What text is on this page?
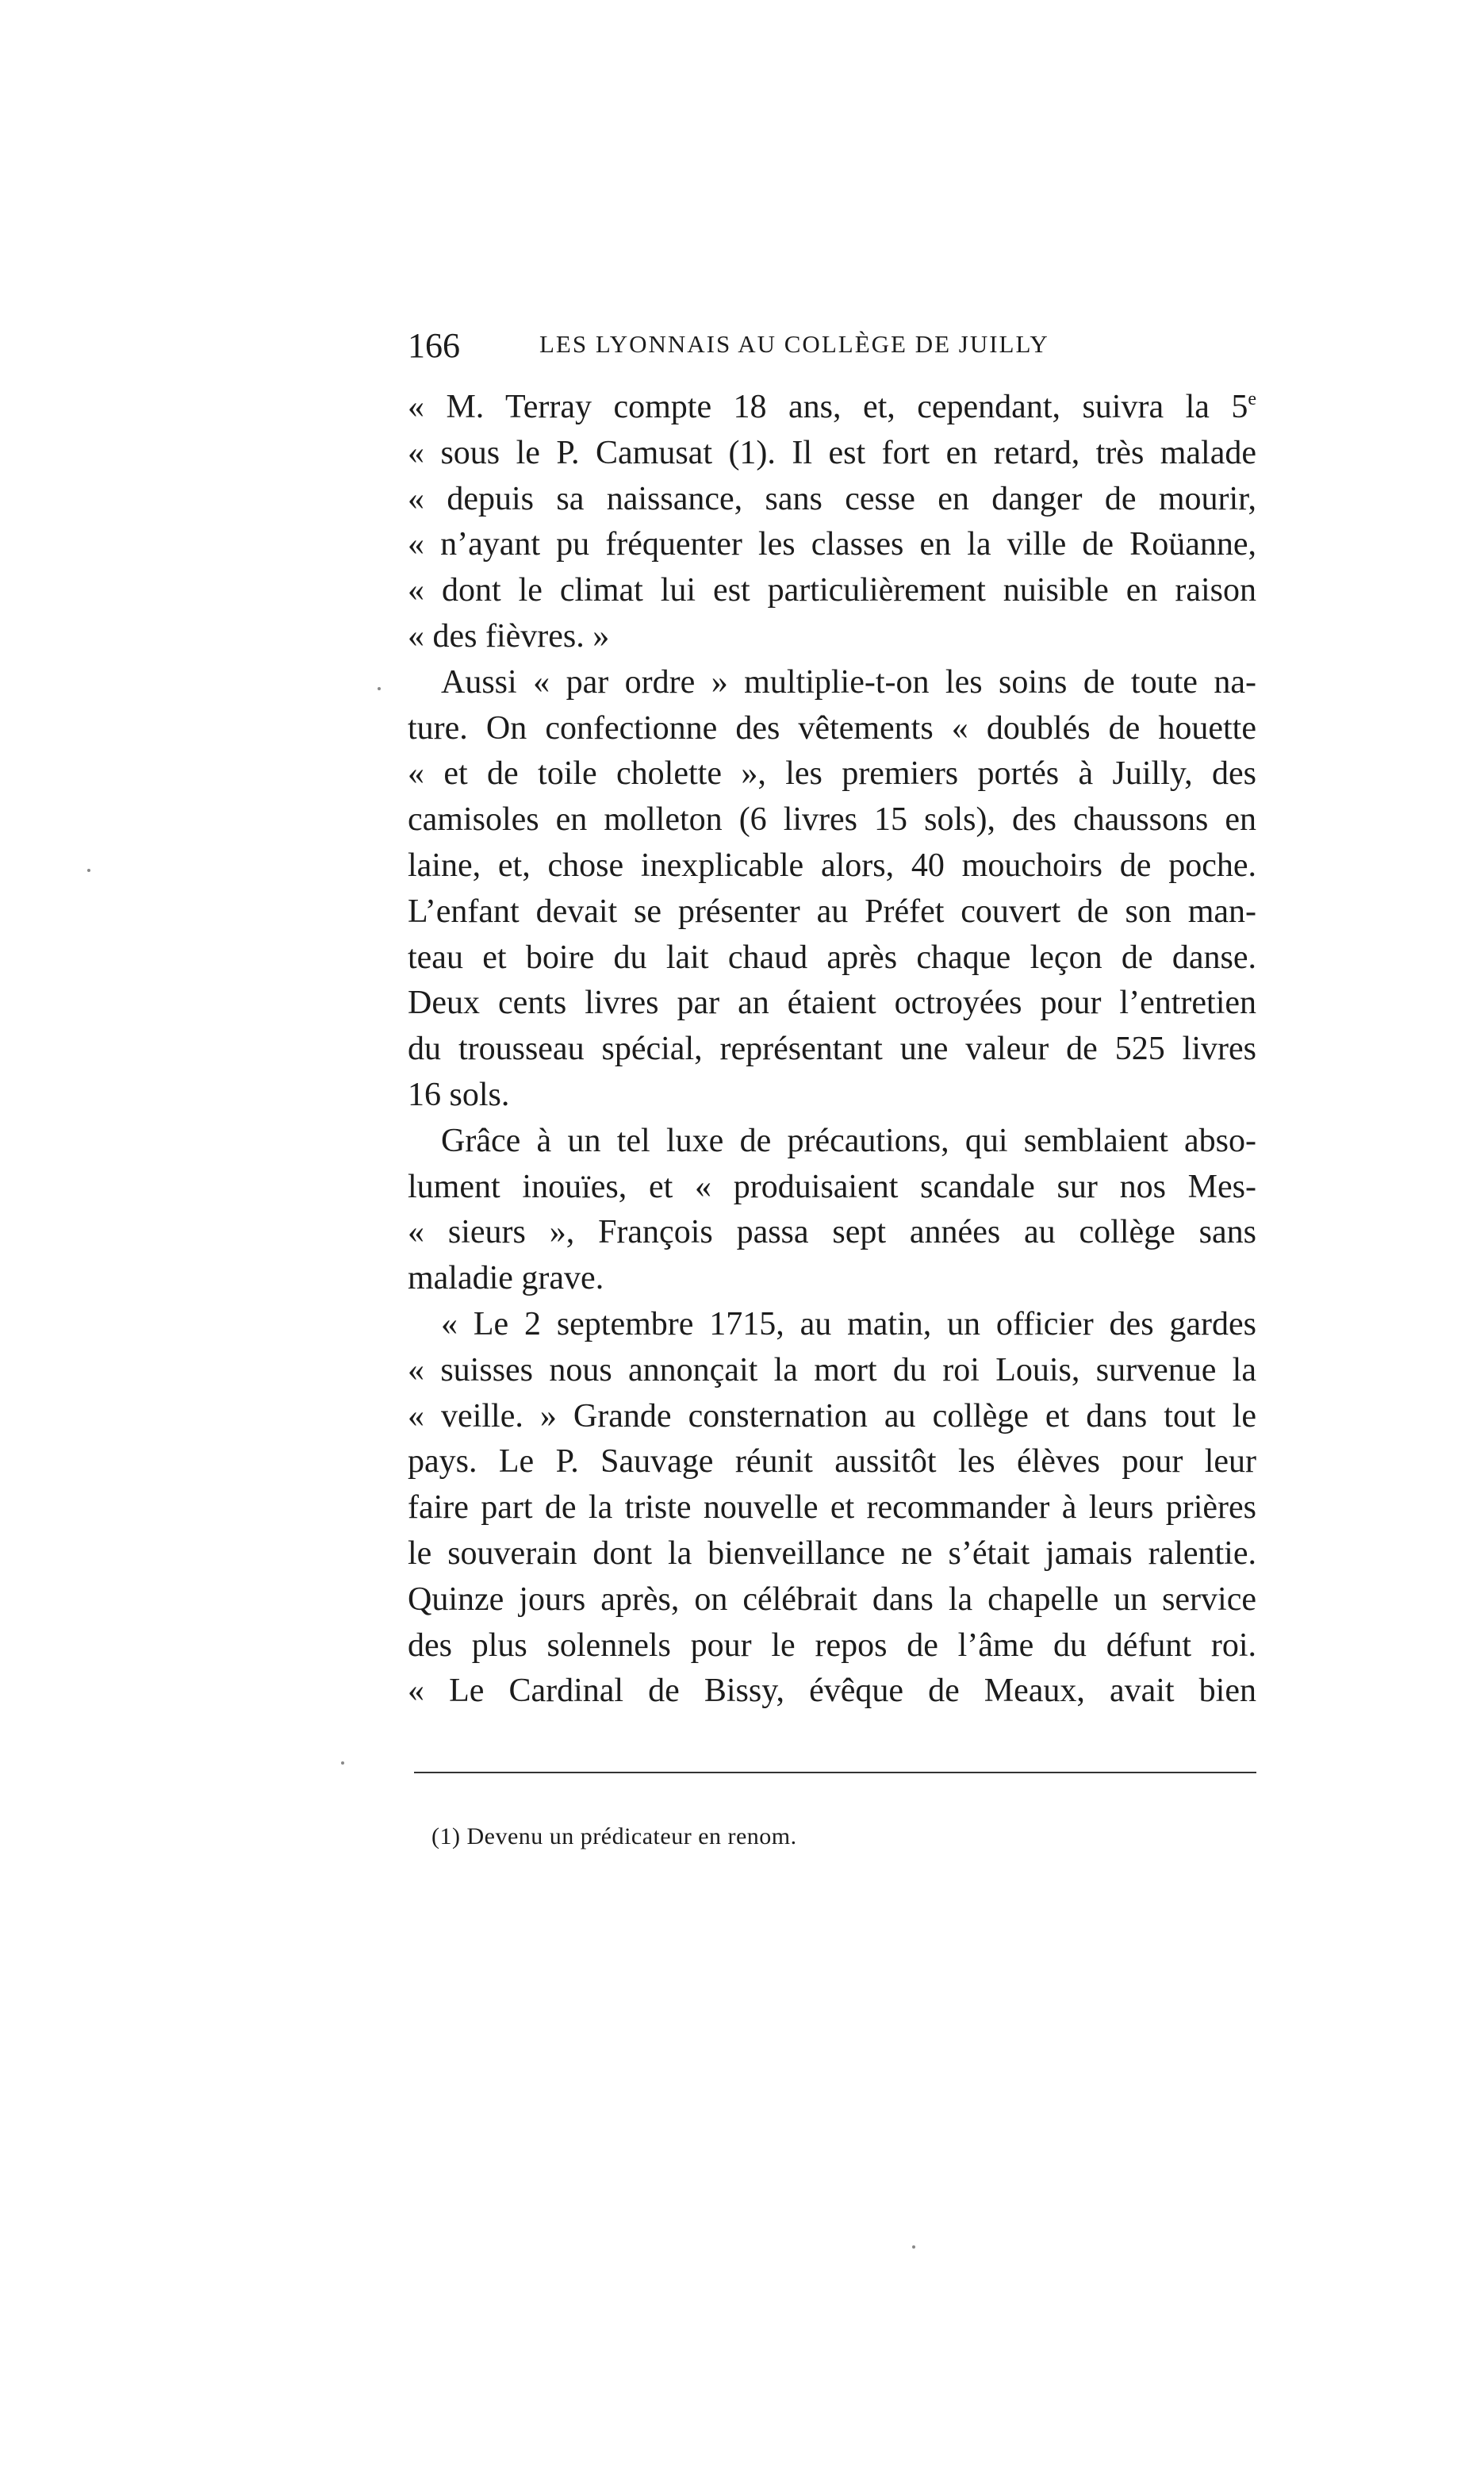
166	LES LYONNAIS AU COLLÈGE DE JUILLY
« M. Terray compte 18 ans, et, cependant, suivra la 5e
« sous le P. Camusat (1). Il est fort en retard, très malade
« depuis sa naissance, sans cesse en danger de mourir,
« n’ayant pu fréquenter les classes en la ville de Roüanne,
« dont le climat lui est particulièrement nuisible en raison
« des fièvres. »
Aussi « par ordre » multiplie-t-on les soins de toute na-
ture. On confectionne des vêtements « doublés de houette
« et de toile cholette », les premiers portés à Juilly, des
camisoles en molleton (6 livres 15 sols), des chaussons en
laine, et, chose inexplicable alors, 40 mouchoirs de poche.
L’enfant devait se présenter au Préfet couvert de son man-
teau et boire du lait chaud après chaque leçon de danse.
Deux cents livres par an étaient octroyées pour l’entretien
du trousseau spécial, représentant une valeur de 525 livres
16 sols.
Grâce à un tel luxe de précautions, qui semblaient abso-
lument inouïes, et « produisaient scandale sur nos Mes-
« sieurs », François passa sept années au collège sans
maladie grave.
« Le 2 septembre 1715, au matin, un officier des gardes
« suisses nous annonçait la mort du roi Louis, survenue la
« veille. » Grande consternation au collège et dans tout le
pays. Le P. Sauvage réunit aussitôt les élèves pour leur
faire part de la triste nouvelle et recommander à leurs prières
le souverain dont la bienveillance ne s’était jamais ralentie.
Quinze jours après, on célébrait dans la chapelle un service
des plus solennels pour le repos de l’âme du défunt roi.
« Le Cardinal de Bissy, évêque de Meaux, avait bien
(1) Devenu un prédicateur en renom.
